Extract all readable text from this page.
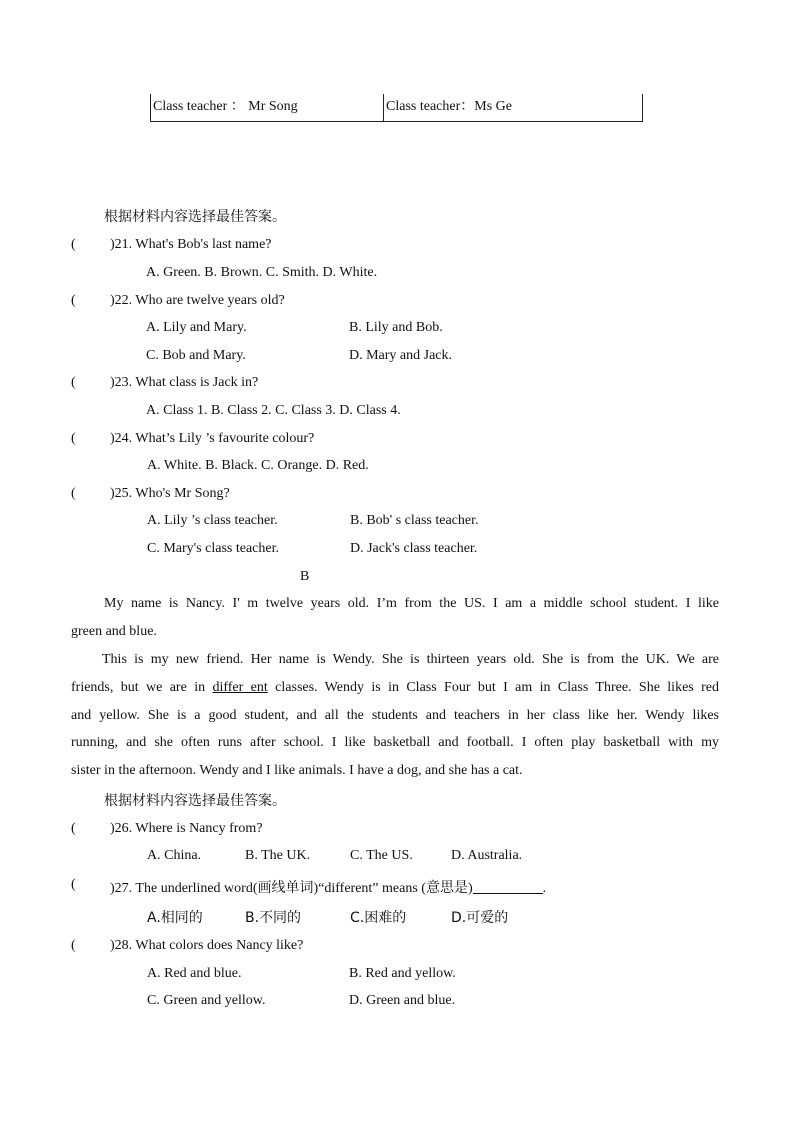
Class teacher ： Mr Song	Class teacher：Ms Ge
根据材料内容选择最佳答案。
( )21. What's Bob's last name?
A. Green. B. Brown. C. Smith. D. White.
( )22. Who are twelve years old?
A. Lily and Mary.	B. Lily and Bob.
C. Bob and Mary.	D. Mary and Jack.
( )23. What class is Jack in?
A. Class 1. B. Class 2. C. Class 3. D. Class 4.
( )24. What’s Lily ’s favourite colour?
A. White. B. Black. C. Orange. D. Red.
( )25. Who's Mr Song?
A. Lily ’s class teacher.	B. Bob' s class teacher.
C. Mary's class teacher.	D. Jack's class teacher.
B
My name is Nancy. I' m twelve years old. I’m from the US. I am a middle school student. I like
green and blue.
This is my new friend. Her name is Wendy. She is thirteen years old. She is from the UK. We are
friends, but we are in differ ent classes. Wendy is in Class Four but I am in Class Three. She likes red
and yellow. She is a good student, and all the students and teachers in her class like her. Wendy likes
running, and she often runs after school. I like basketball and football. I often play basketball with my
sister in the afternoon. Wendy and I like animals. I have a dog, and she has a cat.
根据材料内容选择最佳答案。
( )26. Where is Nancy from?
A. China.	B. The UK.	C. The US.	D. Australia.
( )27. The underlined word(画线单词)“different” means (意思是)	.
A.相同的	B.不同的	C.困难的	D.可爱的
( )28. What colors does Nancy like?
A. Red and blue.	B. Red and yellow.
C. Green and yellow.	D. Green and blue.
